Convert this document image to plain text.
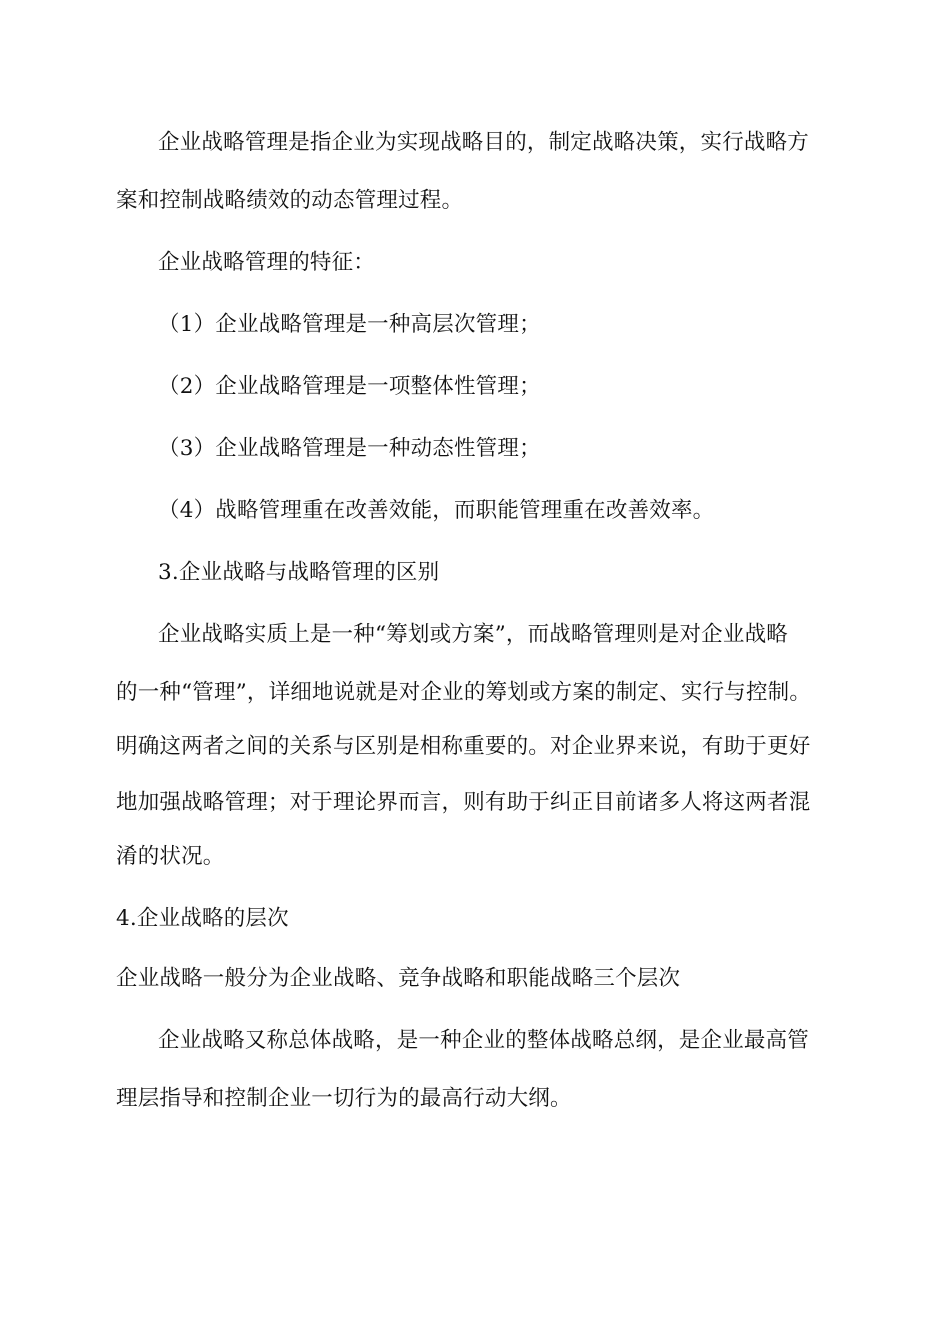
企业战略管理是指企业为实现战略目的，制定战略决策，实行战略方
案和控制战略绩效的动态管理过程。
企业战略管理的特征：
（1）企业战略管理是一种高层次管理；
（2）企业战略管理是一项整体性管理；
（3）企业战略管理是一种动态性管理；
（4）战略管理重在改善效能，而职能管理重在改善效率。
3.企业战略与战略管理的区别
企业战略实质上是一种“筹划或方案”，而战略管理则是对企业战略
的一种“管理”，详细地说就是对企业的筹划或方案的制定、实行与控制。
明确这两者之间的关系与区别是相称重要的。对企业界来说，有助于更好
地加强战略管理；对于理论界而言，则有助于纠正目前诸多人将这两者混
淆的状况。
4.企业战略的层次
企业战略一般分为企业战略、竞争战略和职能战略三个层次
企业战略又称总体战略，是一种企业的整体战略总纲，是企业最高管
理层指导和控制企业一切行为的最高行动大纲。
